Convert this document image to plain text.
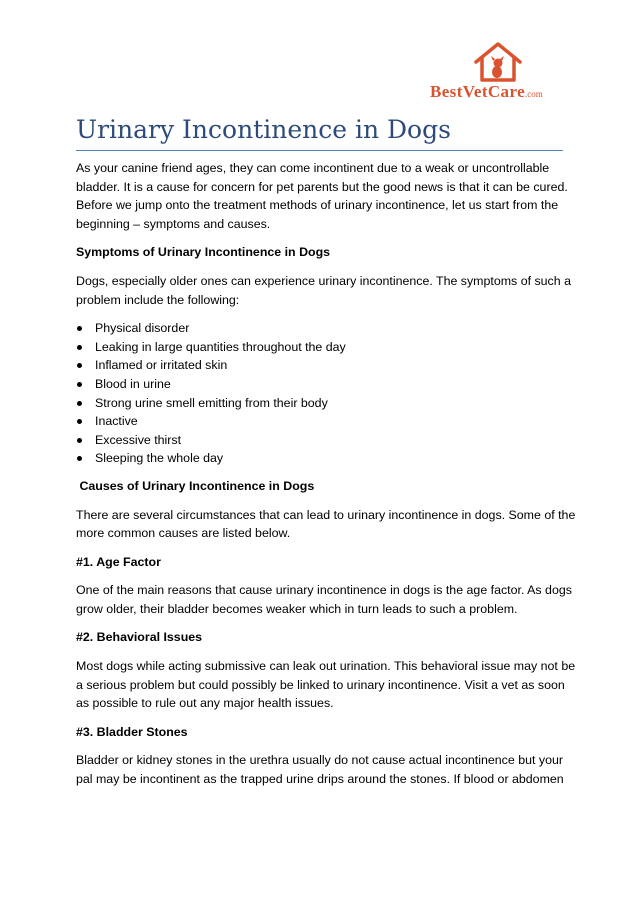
BestVetCare.com
Urinary Incontinence in Dogs

As your canine friend ages, they can come incontinent due to a weak or uncontrollable bladder. It is a cause for concern for pet parents but the good news is that it can be cured. Before we jump onto the treatment methods of urinary incontinence, let us start from the beginning – symptoms and causes.

Symptoms of Urinary Incontinence in Dogs

Dogs, especially older ones can experience urinary incontinence. The symptoms of such a problem include the following:

Physical disorder
Leaking in large quantities throughout the day
Inflamed or irritated skin
Blood in urine
Strong urine smell emitting from their body
Inactive
Excessive thirst
Sleeping the whole day
Causes of Urinary Incontinence in Dogs

There are several circumstances that can lead to urinary incontinence in dogs. Some of the more common causes are listed below.

#1. Age Factor

One of the main reasons that cause urinary incontinence in dogs is the age factor. As dogs grow older, their bladder becomes weaker which in turn leads to such a problem.

#2. Behavioral Issues

Most dogs while acting submissive can leak out urination. This behavioral issue may not be a serious problem but could possibly be linked to urinary incontinence. Visit a vet as soon as possible to rule out any major health issues.

#3. Bladder Stones

Bladder or kidney stones in the urethra usually do not cause actual incontinence but your pal may be incontinent as the trapped urine drips around the stones. If blood or abdomen
